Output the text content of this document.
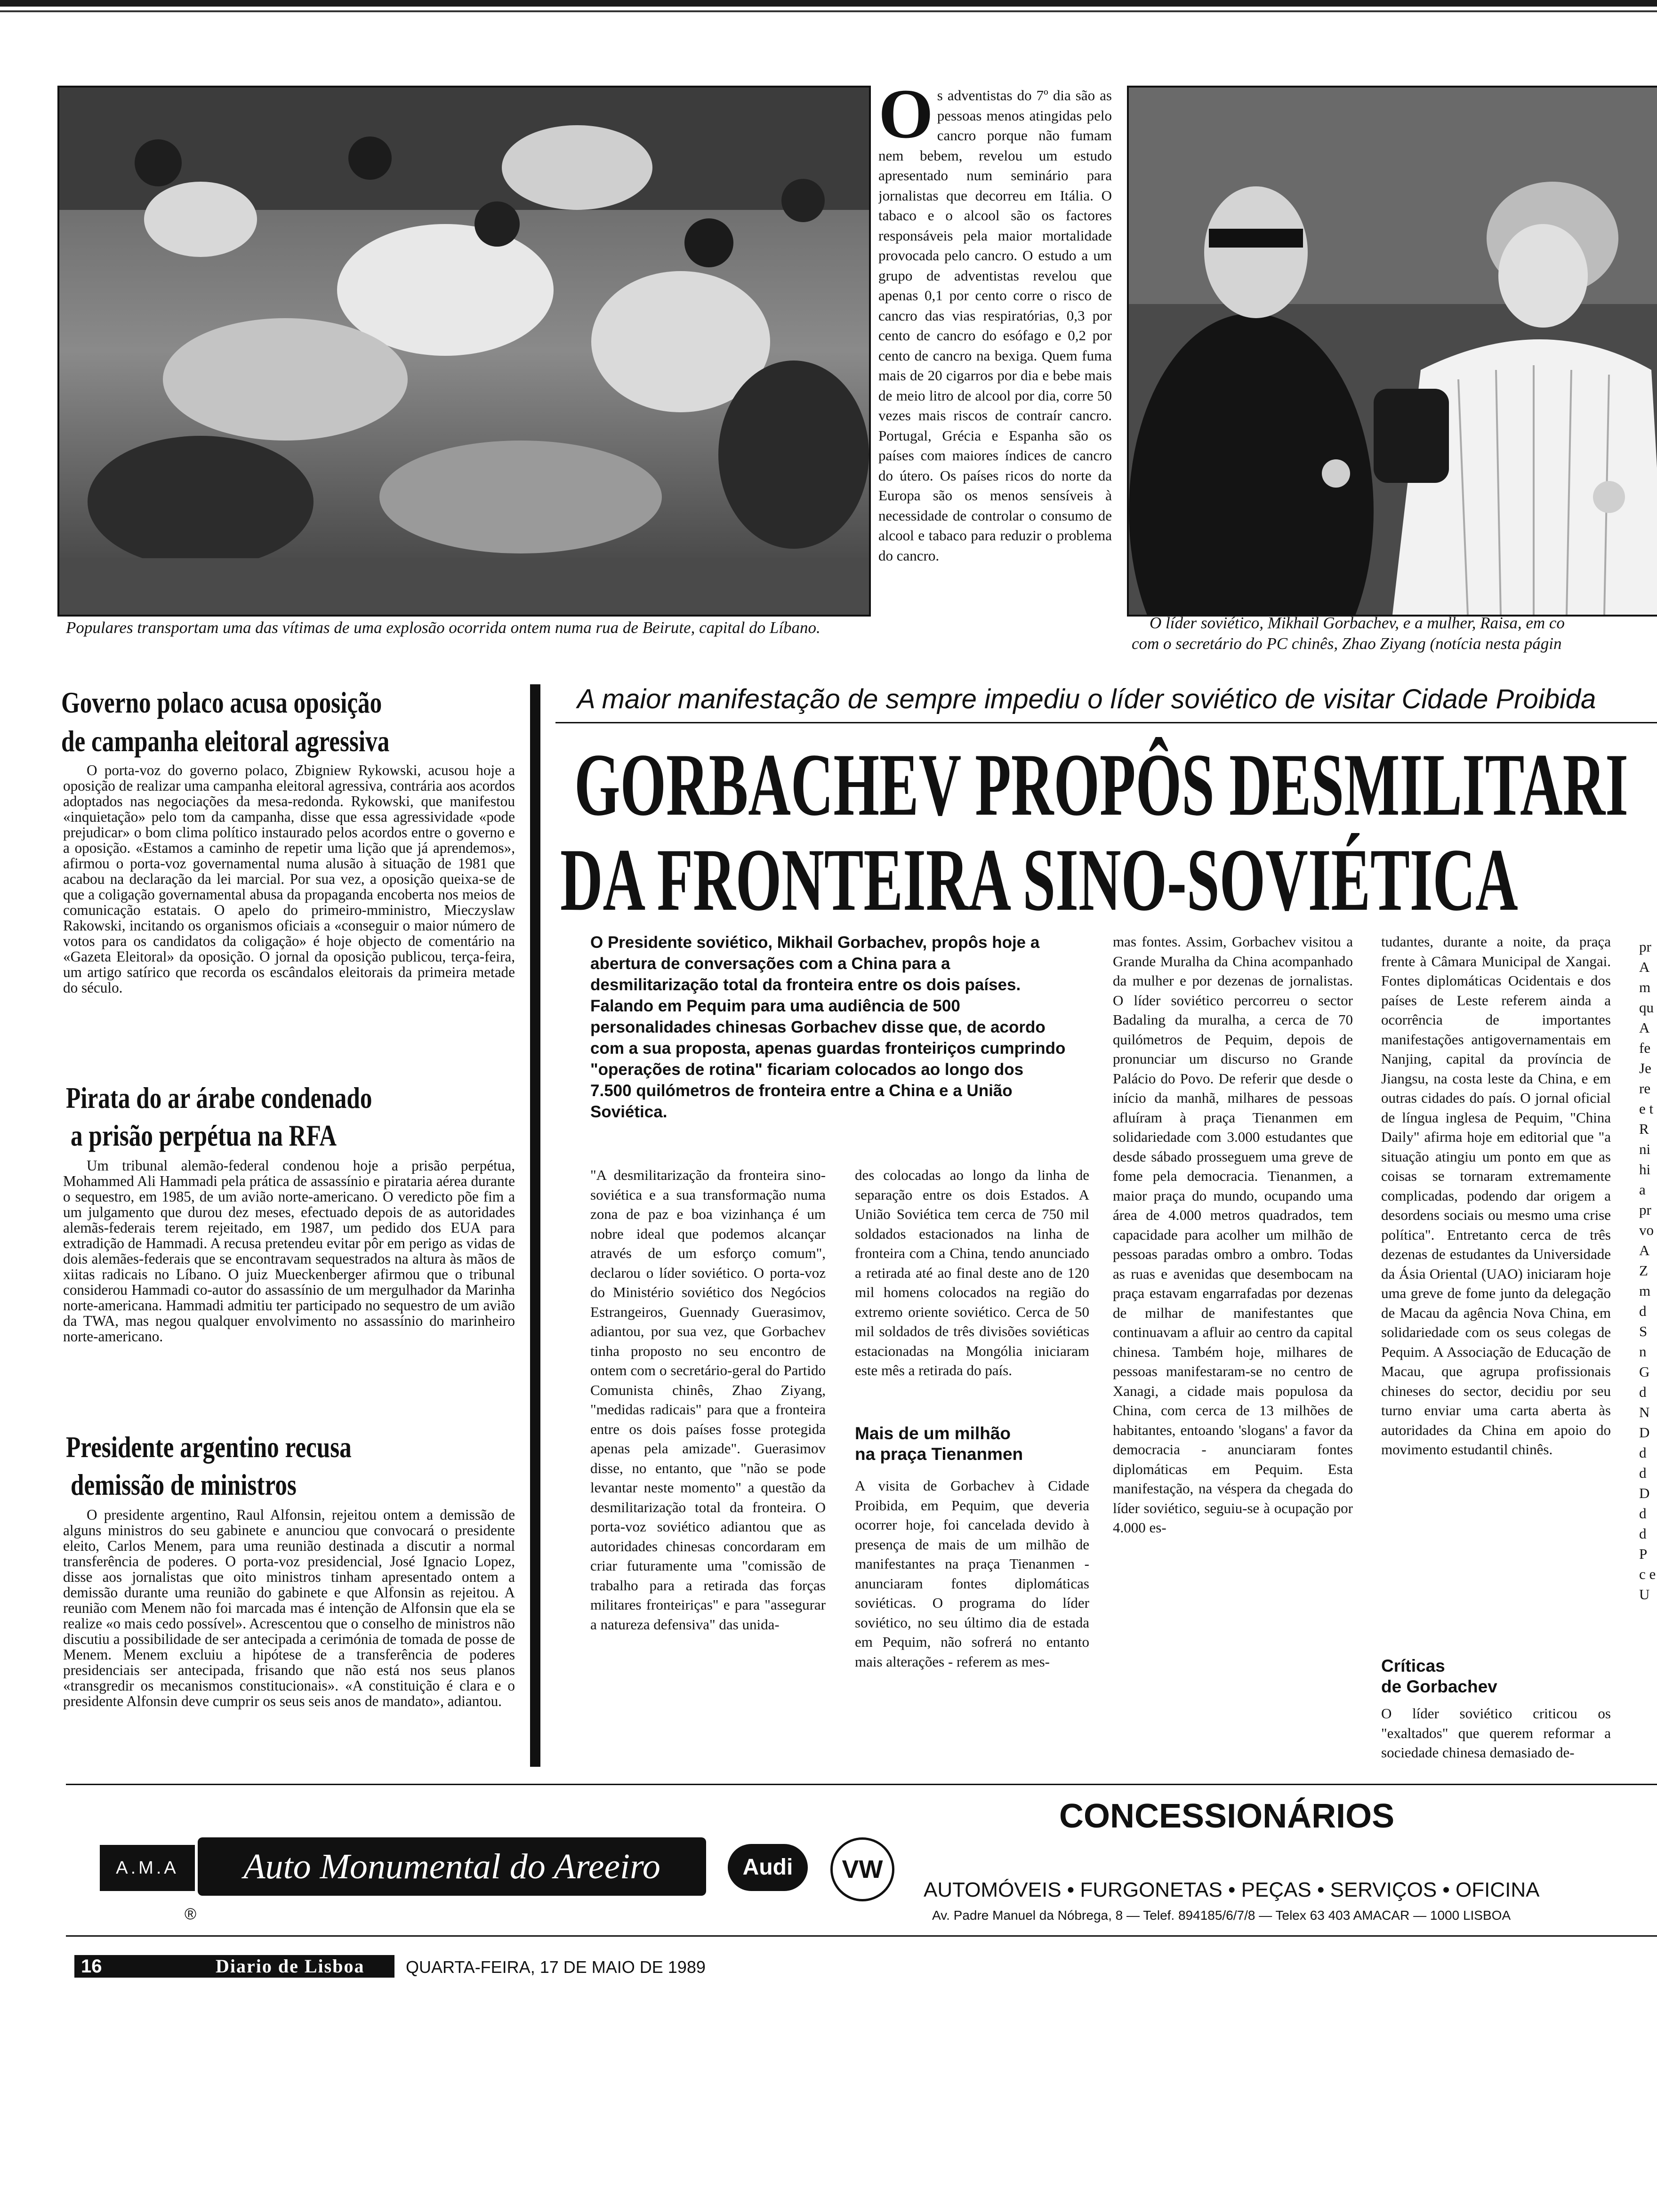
Populares transportam uma das vítimas de uma explosão ocorrida ontem numa rua de Beirute, capital do Líbano.
Os adventistas do 7º dia são as pessoas menos atingidas pelo cancro porque não fumam nem bebem, revelou um estudo apresentado num seminário para jornalistas que decorreu em Itália. O tabaco e o alcool são os factores responsáveis pela maior mortalidade provocada pelo cancro. O estudo a um grupo de adventistas revelou que apenas 0,1 por cento corre o risco de cancro das vias respiratórias, 0,3 por cento de cancro do esófago e 0,2 por cento de cancro na bexiga. Quem fuma mais de 20 cigarros por dia e bebe mais de meio litro de alcool por dia, corre 50 vezes mais riscos de contraír cancro. Portugal, Grécia e Espanha são os países com maiores índices de cancro do útero. Os países ricos do norte da Europa são os menos sensíveis à necessidade de controlar o consumo de alcool e tabaco para reduzir o problema do cancro.
O líder soviético, Mikhail Gorbachev, e a mulher, Raisa, em co
com o secretário do PC chinês, Zhao Ziyang (notícia nesta págin
Governo polaco acusa oposição
de campanha eleitoral agressiva
O porta-voz do governo polaco, Zbigniew Rykowski, acusou hoje a oposição de realizar uma campanha eleitoral agressiva, contrária aos acordos adoptados nas negociações da mesa-redonda. Rykowski, que manifestou «inquietação» pelo tom da campanha, disse que essa agressividade «pode prejudicar» o bom clima político instaurado pelos acordos entre o governo e a oposição. «Estamos a caminho de repetir uma lição que já aprendemos», afirmou o porta-voz governamental numa alusão à situação de 1981 que acabou na declaração da lei marcial. Por sua vez, a oposição queixa-se de que a coligação governamental abusa da propaganda encoberta nos meios de comunicação estatais. O apelo do primeiro-mministro, Mieczyslaw Rakowski, incitando os organismos oficiais a «conseguir o maior número de votos para os candidatos da coligação» é hoje objecto de comentário na «Gazeta Eleitoral» da oposição. O jornal da oposição publicou, terça-feira, um artigo satírico que recorda os escândalos eleitorais da primeira metade do século.
Pirata do ar árabe condenado
a prisão perpétua na RFA
Um tribunal alemão-federal condenou hoje a prisão perpétua, Mohammed Ali Hammadi pela prática de assassínio e pirataria aérea durante o sequestro, em 1985, de um avião norte-americano. O veredicto põe fim a um julgamento que durou dez meses, efectuado depois de as autoridades alemãs-federais terem rejeitado, em 1987, um pedido dos EUA para extradição de Hammadi. A recusa pretendeu evitar pôr em perigo as vidas de dois alemães-federais que se encontravam sequestrados na altura às mãos de xiitas radicais no Líbano. O juiz Mueckenberger afirmou que o tribunal considerou Hammadi co-autor do assassínio de um mergulhador da Marinha norte-americana. Hammadi admitiu ter participado no sequestro de um avião da TWA, mas negou qualquer envolvimento no assassínio do marinheiro norte-americano.
Presidente argentino recusa
demissão de ministros
O presidente argentino, Raul Alfonsin, rejeitou ontem a demissão de alguns ministros do seu gabinete e anunciou que convocará o presidente eleito, Carlos Menem, para uma reunião destinada a discutir a normal transferência de poderes. O porta-voz presidencial, José Ignacio Lopez, disse aos jornalistas que oito ministros tinham apresentado ontem a demissão durante uma reunião do gabinete e que Alfonsin as rejeitou. A reunião com Menem não foi marcada mas é intenção de Alfonsin que ela se realize «o mais cedo possível». Acrescentou que o conselho de ministros não discutiu a possibilidade de ser antecipada a cerimónia de tomada de posse de Menem. Menem excluiu a hipótese de a transferência de poderes presidenciais ser antecipada, frisando que não está nos seus planos «transgredir os mecanismos constitucionais». «A constituição é clara e o presidente Alfonsin deve cumprir os seus seis anos de mandato», adiantou.
A maior manifestação de sempre impediu o líder soviético de visitar Cidade Proibida
GORBACHEV PROPÔS DESMILITARI
DA FRONTEIRA SINO-SOVIÉTICA
O Presidente soviético, Mikhail Gorbachev, propôs hoje a abertura de conversações com a China para a desmilitarização total da fronteira entre os dois países. Falando em Pequim para uma audiência de 500 personalidades chinesas Gorbachev disse que, de acordo com a sua proposta, apenas guardas fronteiriços cumprindo "operações de rotina" ficariam colocados ao longo dos 7.500 quilómetros de fronteira entre a China e a União Soviética.
"A desmilitarização da fronteira sino-soviética e a sua transformação numa zona de paz e boa vizinhança é um nobre ideal que podemos alcançar através de um esforço comum", declarou o líder soviético. O porta-voz do Ministério soviético dos Negócios Estrangeiros, Guennady Guerasimov, adiantou, por sua vez, que Gorbachev tinha proposto no seu encontro de ontem com o secretário-geral do Partido Comunista chinês, Zhao Ziyang, "medidas radicais" para que a fronteira entre os dois países fosse protegida apenas pela amizade". Guerasimov disse, no entanto, que "não se pode levantar neste momento" a questão da desmilitarização total da fronteira. O porta-voz soviético adiantou que as autoridades chinesas concordaram em criar futuramente uma "comissão de trabalho para a retirada das forças militares fronteiriças" e para "assegurar a natureza defensiva" das unida-
des colocadas ao longo da linha de separação entre os dois Estados. A União Soviética tem cerca de 750 mil soldados estacionados na linha de fronteira com a China, tendo anunciado a retirada até ao final deste ano de 120 mil homens colocados na região do extremo oriente soviético. Cerca de 50 mil soldados de três divisões soviéticas estacionadas na Mongólia iniciaram este mês a retirada do país.
Mais de um milhão
na praça Tienanmen
A visita de Gorbachev à Cidade Proibida, em Pequim, que deveria ocorrer hoje, foi cancelada devido à presença de mais de um milhão de manifestantes na praça Tienanmen - anunciaram fontes diplomáticas soviéticas. O programa do líder soviético, no seu último dia de estada em Pequim, não sofrerá no entanto mais alterações - referem as mes-
mas fontes. Assim, Gorbachev visitou a Grande Muralha da China acompanhado da mulher e por dezenas de jornalistas. O líder soviético percorreu o sector Badaling da muralha, a cerca de 70 quilómetros de Pequim, depois de pronunciar um discurso no Grande Palácio do Povo. De referir que desde o início da manhã, milhares de pessoas afluíram à praça Tienanmen em solidariedade com 3.000 estudantes que desde sábado prosseguem uma greve de fome pela democracia. Tienanmen, a maior praça do mundo, ocupando uma área de 4.000 metros quadrados, tem capacidade para acolher um milhão de pessoas paradas ombro a ombro. Todas as ruas e avenidas que desembocam na praça estavam engarrafadas por dezenas de milhar de manifestantes que continuavam a afluir ao centro da capital chinesa. Também hoje, milhares de pessoas manifestaram-se no centro de Xanagi, a cidade mais populosa da China, com cerca de 13 milhões de habitantes, entoando 'slogans' a favor da democracia - anunciaram fontes diplomáticas em Pequim. Esta manifestação, na véspera da chegada do líder soviético, seguiu-se à ocupação por 4.000 es-
tudantes, durante a noite, da praça frente à Câmara Municipal de Xangai. Fontes diplomáticas Ocidentais e dos países de Leste referem ainda a ocorrência de importantes manifestações antigovernamentais em Nanjing, capital da província de Jiangsu, na costa leste da China, e em outras cidades do país. O jornal oficial de língua inglesa de Pequim, "China Daily" afirma hoje em editorial que "a situação atingiu um ponto em que as coisas se tornaram extremamente complicadas, podendo dar origem a desordens sociais ou mesmo uma crise política". Entretanto cerca de três dezenas de estudantes da Universidade da Ásia Oriental (UAO) iniciaram hoje uma greve de fome junto da delegação de Macau da agência Nova China, em solidariedade com os seus colegas de Pequim. A Associação de Educação de Macau, que agrupa profissionais chineses do sector, decidiu por seu turno enviar uma carta aberta às autoridades da China em apoio do movimento estudantil chinês.
Críticas
de Gorbachev
O líder soviético criticou os "exaltados" que querem reformar a sociedade chinesa demasiado de-
pr A m qu A fe Je re e t R ni hi a pr vo A Z m d S n G d N D d d D d d P c e U
A.M.A	Auto Monumental do Areeiro
®
Audi	VW
CONCESSIONÁRIOS
AUTOMÓVEIS • FURGONETAS • PEÇAS • SERVIÇOS • OFICINA
Av. Padre Manuel da Nóbrega, 8 — Telef. 894185/6/7/8 — Telex 63 403 AMACAR — 1000 LISBOA
16	Diario de Lisboa QUARTA-FEIRA, 17 DE MAIO DE 1989
